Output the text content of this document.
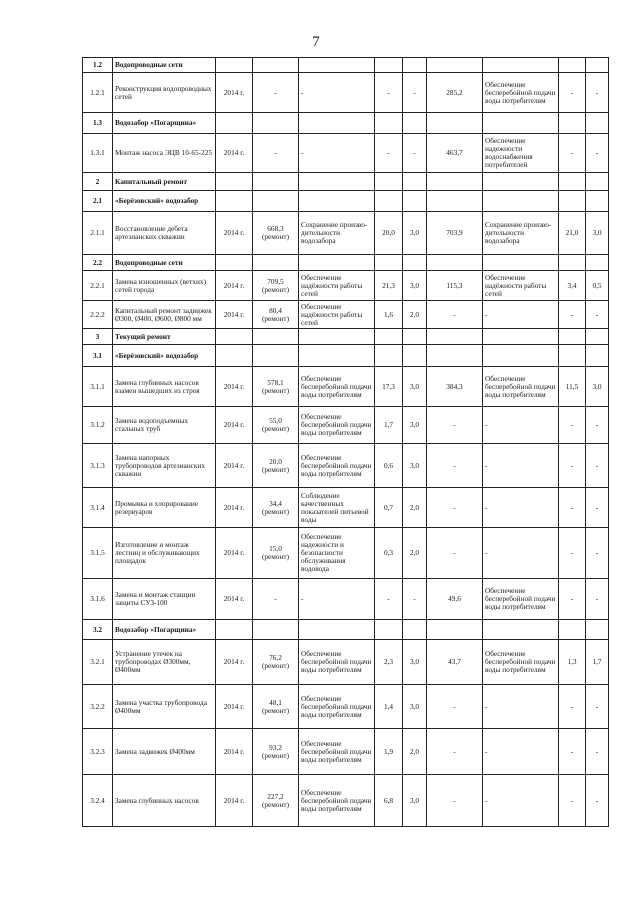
7
1.2	Водопроводные сети									
1.2.1	Реконструкция водопроводных сетей	2014 г.	-	-	-	-	285,2	Обеспечение бесперебойной подачи воды потребителям	-	-
1.3	Водозабор «Погарщина»									
1.3.1	Монтаж насоса ЭЦВ 10-65-225	2014 г.	-	-	-	-	463,7	Обеспечение надежности водоснабжения потребителей	-	-
2	Капитальный ремонт									
2.1	«Берёзовский» водозабор									
2.1.1	Восстановление дебета артезианских скважин	2014 г.	668,3 (ремонт)	Сохранение произво-дительности водозабора	20,0	3,0	703,9	Сохранение произво-дительности водозабора	21,0	3,0
2.2	Водопроводные сети									
2.2.1	Замена изношенных (ветхих) сетей города	2014 г.	709,5 (ремонт)	Обеспечение надёжности работы сетей	21,3	3,0	115,3	Обеспечение надёжности работы сетей	3,4	0,5
2.2.2	Капитальный ремонт задвижек Ø300, Ø400, Ø600, Ø800 мм	2014 г.	80,4 (ремонт)	Обеспечение надёжности работы сетей	1,6	2,0	-	-	-	-
3	Текущий ремонт									
3.1	«Берёзовский» водозабор									
3.1.1	Замена глубинных насосов взамен вышедших из строя	2014 г.	578,1 (ремонт)	Обеспечение бесперебойной подачи воды потребителям	17,3	3,0	384,3	Обеспечение бесперебойной подачи воды потребителям	11,5	3,0
3.1.2	Замена водоподъемных стальных труб	2014 г.	55,0 (ремонт)	Обеспечение бесперебойной подачи воды потребителям	1,7	3,0	-	-	-	-
3.1.3	Замена напорных трубопроводов артезианских скважин	2014 г.	20,0 (ремонт)	Обеспечение бесперебойной подачи воды потребителям	0,6	3,0	-	-	-	-
3.1.4	Промывка и хлорирование резервуаров	2014 г.	34,4 (ремонт)	Соблюдение качественных показателей питьевой воды	0,7	2,0	-	-	-	-
3.1.5	Изготовление и монтаж лестниц и обслуживающих площадок	2014 г.	15,0 (ремонт)	Обеспечение надежности и безопасности обслуживания водовода	0,3	2,0	-	-	-	-
3.1.6	Замена и монтаж станции защиты СУЗ-100	2014 г.	-	-	-	-	49,6	Обеспечение бесперебойной подачи воды потребителям	-	-
3.2	Водозабор «Погарщина»									
3.2.1	Устранение утечек на трубопроводах Ø300мм, Ø400мм	2014 г.	76,2 (ремонт)	Обеспечение бесперебойной подачи воды потребителям	2,3	3,0	43,7	Обеспечение бесперебойной подачи воды потребителям	1,3	1,7
3.2.2	Замена участка трубопровода Ø400мм	2014 г.	48,1 (ремонт)	Обеспечение бесперебойной подачи воды потребителям	1,4	3,0	-	-	-	-
3.2.3	Замена задвижек Ø400мм	2014 г.	93,2 (ремонт)	Обеспечение бесперебойной подачи воды потребителям	1,9	2,0	-	-	-	-
3.2.4	Замена глубинных насосов	2014 г.	227,2 (ремонт)	Обеспечение бесперебойной подачи воды потребителям	6,8	3,0	-	-	-	-
